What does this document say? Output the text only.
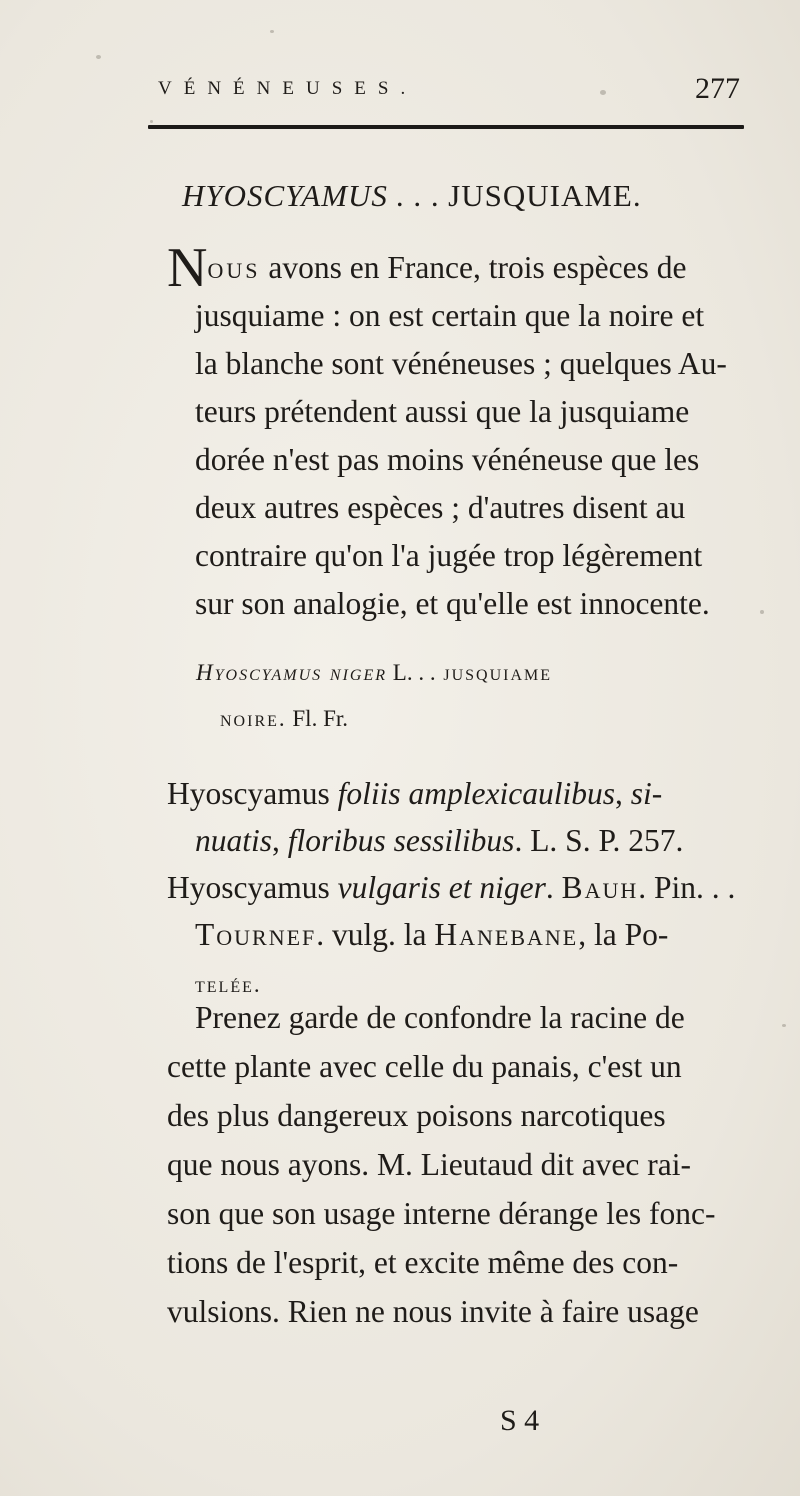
VÉNÉNEUSES.	277
HYOSCYAMUS . . . JUSQUIAME.
Nous avons en France, trois espèces de
jusquiame : on est certain que la noire et
la blanche sont vénéneuses ; quelques Au-
teurs prétendent aussi que la jusquiame
dorée n'est pas moins vénéneuse que les
deux autres espèces ; d'autres disent au
contraire qu'on l'a jugée trop légèrement
sur son analogie, et qu'elle est innocente.
Hyoscyamus niger L. . . jusquiame
noire. Fl. Fr.
Hyoscyamus foliis amplexicaulibus, si-
nuatis, floribus sessilibus. L. S. P. 257.
Hyoscyamus vulgaris et niger. Bauh. Pin. . .
Tournef. vulg. la Hanebane, la Po-
telée.
Prenez garde de confondre la racine de
cette plante avec celle du panais, c'est un
des plus dangereux poisons narcotiques
que nous ayons. M. Lieutaud dit avec rai-
son que son usage interne dérange les fonc-
tions de l'esprit, et excite même des con-
vulsions. Rien ne nous invite à faire usage
S 4
